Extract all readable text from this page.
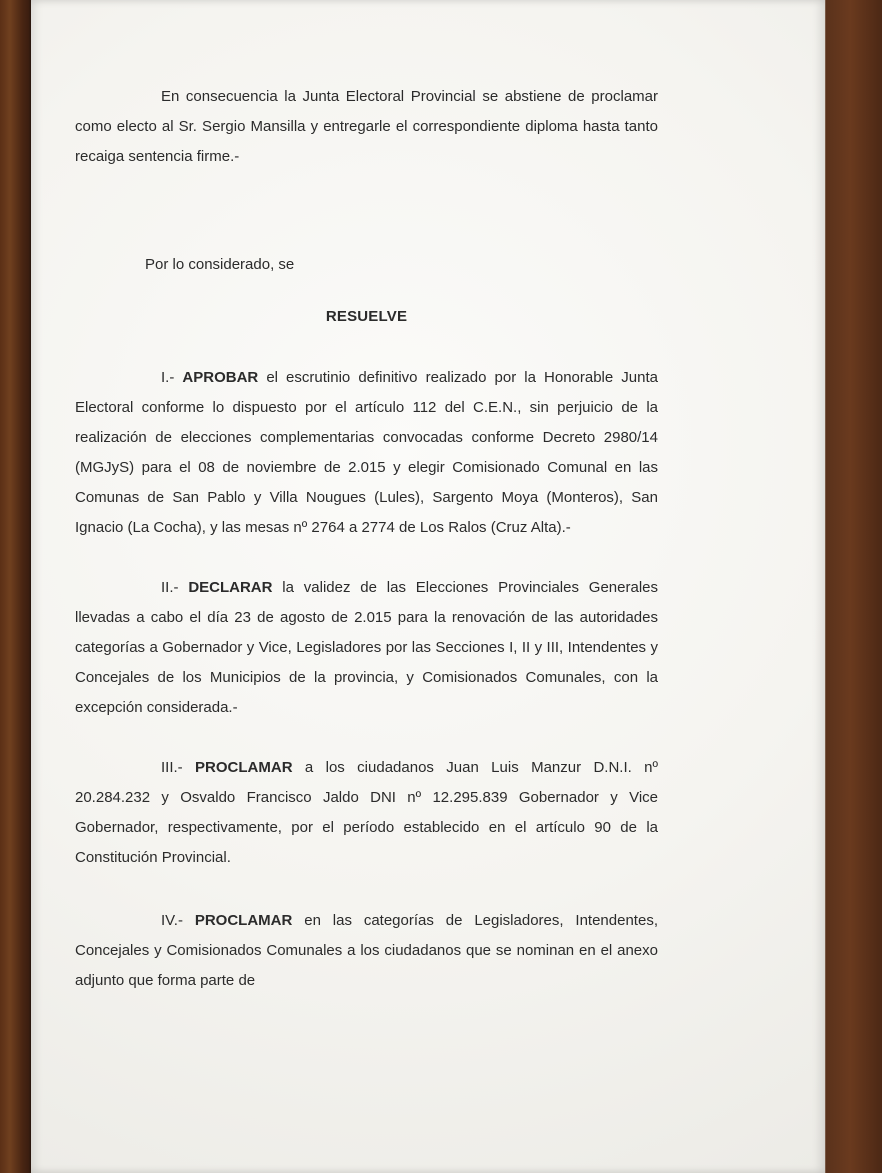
En consecuencia la Junta Electoral Provincial se abstiene de proclamar como electo al Sr. Sergio Mansilla y entregarle el correspondiente diploma hasta tanto recaiga sentencia firme.-

Por lo considerado, se

RESUELVE

I.- APROBAR el escrutinio definitivo realizado por la Honorable Junta Electoral conforme lo dispuesto por el artículo 112 del C.E.N., sin perjuicio de la realización de elecciones complementarias convocadas conforme Decreto 2980/14 (MGJyS) para el 08 de noviembre de 2.015 y elegir Comisionado Comunal en las Comunas de San Pablo y Villa Nougues (Lules), Sargento Moya (Monteros), San Ignacio (La Cocha), y las mesas nº 2764 a 2774 de Los Ralos (Cruz Alta).-

II.- DECLARAR la validez de las Elecciones Provinciales Generales llevadas a cabo el día 23 de agosto de 2.015 para la renovación de las autoridades categorías a Gobernador y Vice, Legisladores por las Secciones I, II y III, Intendentes y Concejales de los Municipios de la provincia, y Comisionados Comunales, con la excepción considerada.-

III.- PROCLAMAR a los ciudadanos Juan Luis Manzur D.N.I. nº 20.284.232 y Osvaldo Francisco Jaldo DNI nº 12.295.839 Gobernador y Vice Gobernador, respectivamente, por el período establecido en el artículo 90 de la Constitución Provincial.

IV.- PROCLAMAR en las categorías de Legisladores, Intendentes, Concejales y Comisionados Comunales a los ciudadanos que se nominan en el anexo adjunto que forma parte de
